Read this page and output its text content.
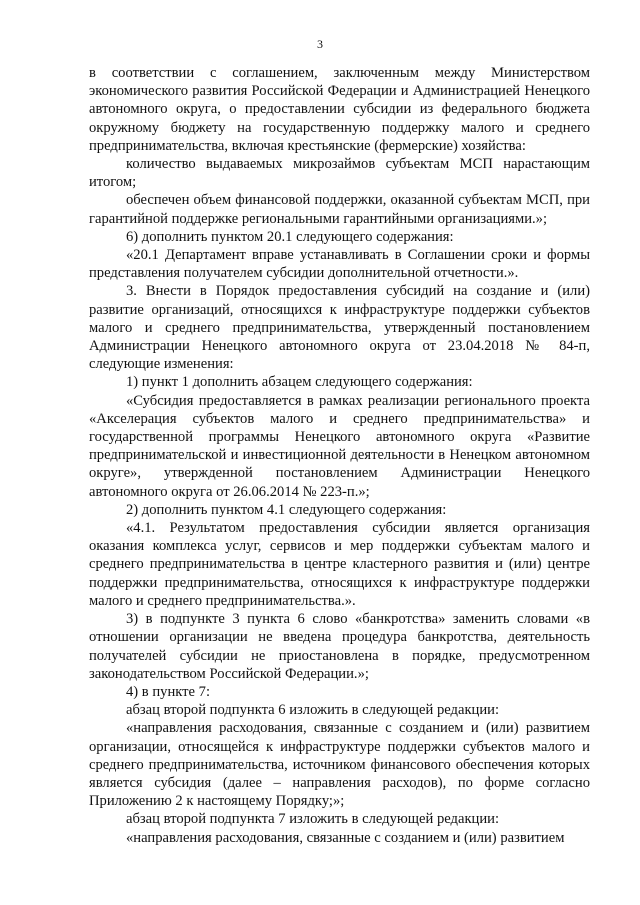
3

в соответствии с соглашением, заключенным между Министерством экономического развития Российской Федерации и Администрацией Ненецкого автономного округа, о предоставлении субсидии из федерального бюджета окружному бюджету на государственную поддержку малого и среднего предпринимательства, включая крестьянские (фермерские) хозяйства:

количество выдаваемых микрозаймов субъектам МСП нарастающим итогом;

обеспечен объем финансовой поддержки, оказанной субъектам МСП, при гарантийной поддержке региональными гарантийными организациями.»;

6) дополнить пунктом 20.1 следующего содержания:

«20.1 Департамент вправе устанавливать в Соглашении сроки и формы представления получателем субсидии дополнительной отчетности.».

3. Внести в Порядок предоставления субсидий на создание и (или) развитие организаций, относящихся к инфраструктуре поддержки субъектов малого и среднего предпринимательства, утвержденный постановлением Администрации Ненецкого автономного округа от 23.04.2018 № 84-п, следующие изменения:

1) пункт 1 дополнить абзацем следующего содержания:

«Субсидия предоставляется в рамках реализации регионального проекта «Акселерация субъектов малого и среднего предпринимательства» и государственной программы Ненецкого автономного округа «Развитие предпринимательской и инвестиционной деятельности в Ненецком автономном округе», утвержденной постановлением Администрации Ненецкого автономного округа от 26.06.2014 № 223-п.»;

2) дополнить пунктом 4.1 следующего содержания:

«4.1. Результатом предоставления субсидии является организация оказания комплекса услуг, сервисов и мер поддержки субъектам малого и среднего предпринимательства в центре кластерного развития и (или) центре поддержки предпринимательства, относящихся к инфраструктуре поддержки малого и среднего предпринимательства.».

3) в подпункте 3 пункта 6 слово «банкротства» заменить словами «в отношении организации не введена процедура банкротства, деятельность получателей субсидии не приостановлена в порядке, предусмотренном законодательством Российской Федерации.»;

4) в пункте 7:

абзац второй подпункта 6 изложить в следующей редакции:

«направления расходования, связанные с созданием и (или) развитием организации, относящейся к инфраструктуре поддержки субъектов малого и среднего предпринимательства, источником финансового обеспечения которых является субсидия (далее – направления расходов), по форме согласно Приложению 2 к настоящему Порядку;»;

абзац второй подпункта 7 изложить в следующей редакции:

«направления расходования, связанные с созданием и (или) развитием
